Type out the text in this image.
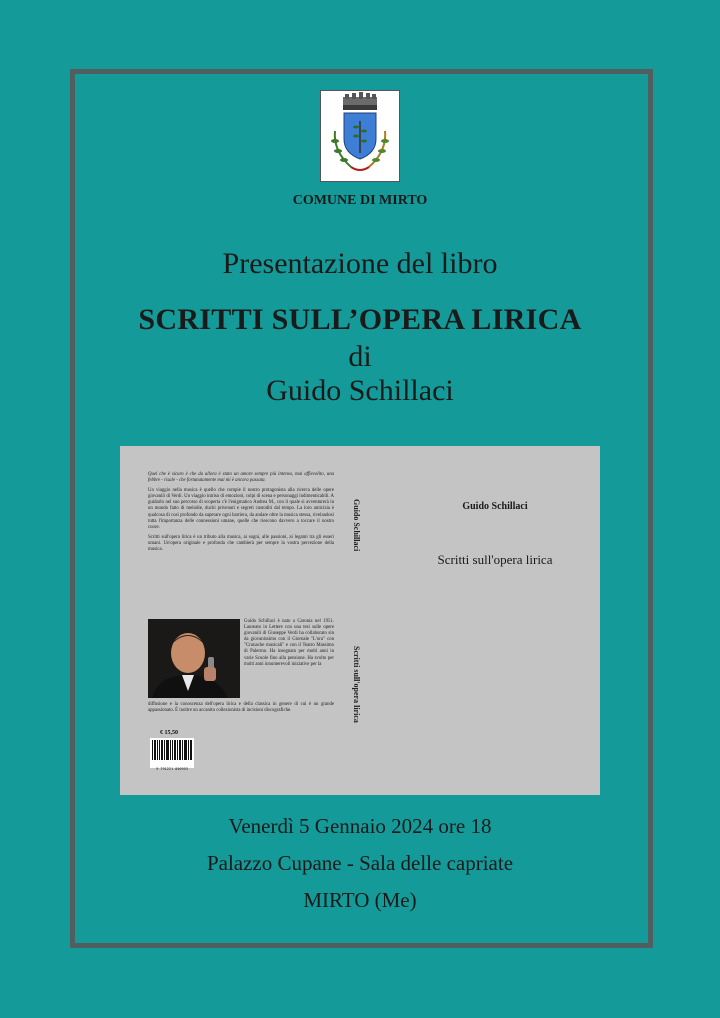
COMUNE DI MIRTO
Presentazione del libro
SCRITTI SULL’OPERA LIRICA
di
Guido Schillaci

Quel che è sicuro è che da allora è stato un amore sempre più intenso, mai affievolito, una febbre - risale - che fortunatamente mai mi è ancora passata.

Un viaggio nella musica è quello che compie il nostro protagonista alla ricerca delle opere giovanili di Verdi. Un viaggio intriso di emozioni, colpi di scena e personaggi indimenticabili. A guidarlo nel suo percorso di scoperta c'è l'enigmatico Andrea M., con il quale si avventurerà in un mondo fatto di melodie, duchi privenuti e segreti custoditi dal tempo. La loro amicizia è qualcosa di così profondo da superare ogni barriera, da andare oltre la musica stessa, rivelandosi tutta l'importanza delle connessioni umane, quelle che riescono davvero a toccare il nostro cuore.

Scritti sull'opera lirica è un tributo alla musica, ai sogni, alle passioni, ai legami tra gli esseri umani. Un'opera originale e profonda che cambierà per sempre la vostra percezione della musica.

Guido Schillaci è nato a Caronia nel 1951. Laureato in Lettere con una tesi sulle opere giovanili di Giuseppe Verdi ha collaborato sin da giovanissimo con il Giornale "L'ora" con "Cronache musicali" e con il Teatro Massimo di Palermo. Ha insegnato per molti anni in varie Scuole fino alla pensione. Ha svolto per molti anni innumerevoli iniziative per la
diffusione e la conoscenza dell'opera lirica e della classica in genere di cui è un grande appassionato. È inoltre un accanito collezionista di incisioni discografiche.
€ 15,50
9 791221 050993
Guido Schillaci
Scritti sull'opera lirica
Guido Schillaci
Scritti sull'opera lirica
Venerdì 5 Gennaio 2024 ore 18
Palazzo Cupane - Sala delle capriate
MIRTO (Me)
